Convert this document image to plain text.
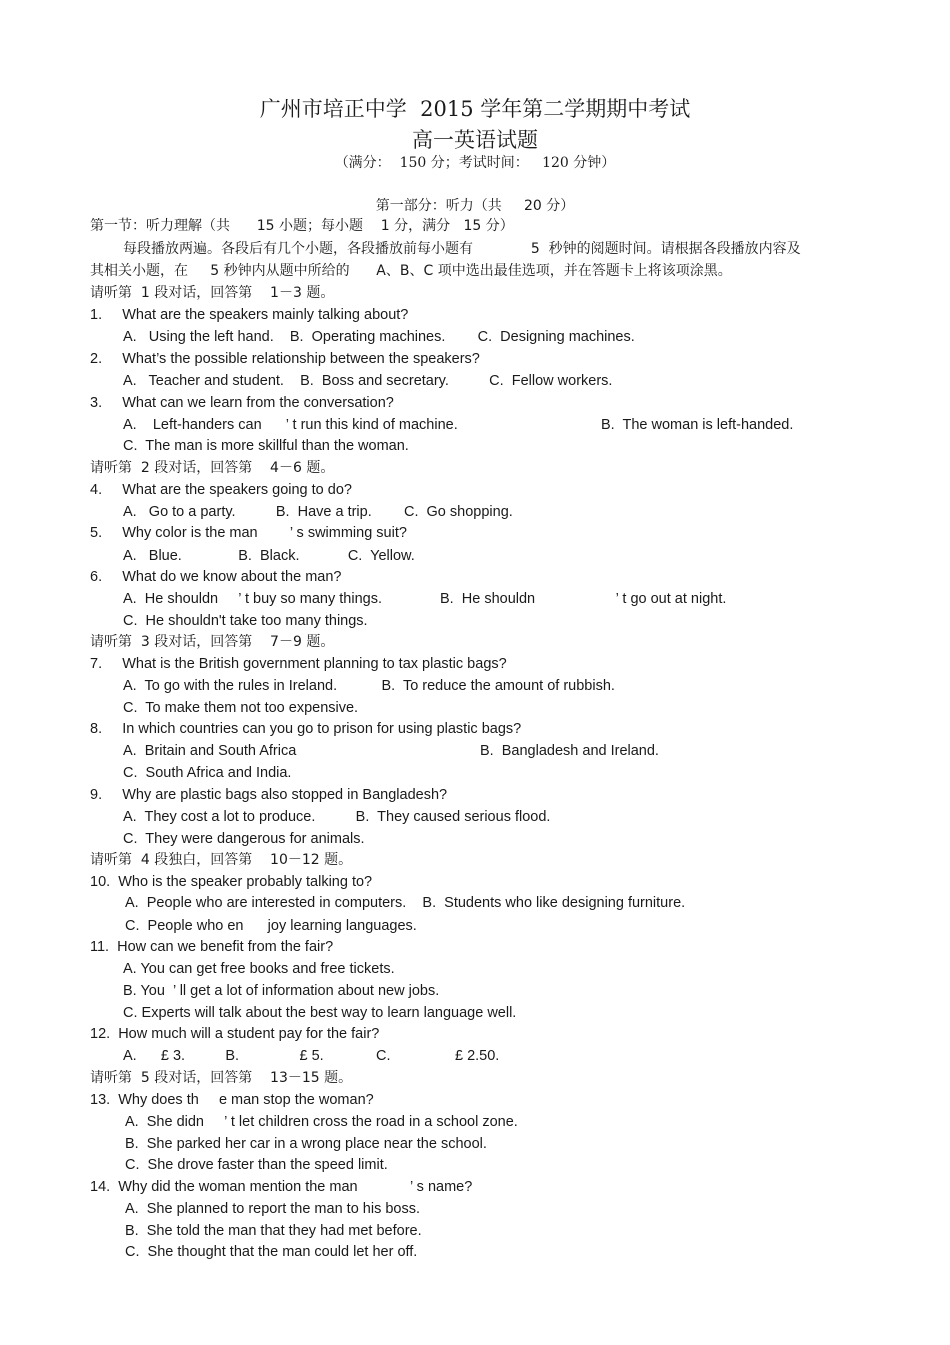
广州市培正中学  2015 学年第二学期期中考试
高一英语试题
（满分：  150 分；考试时间：   120 分钟）
第一部分：听力（共     20 分）
第一节：听力理解（共      15 小题；每小题    1 分，满分   15 分）
每段播放两遍。各段后有几个小题，各段播放前每小题有             5  秒钟的阅题时间。请根据各段播放内容及
其相关小题，在     5 秒钟内从题中所给的      A、B、C 项中选出最佳选项，并在答题卡上将该项涂黑。
请听第  1 段对话，回答第    1－3 题。
1.     What are the speakers mainly talking about?
A.   Using the left hand.    B.  Operating machines.        C.  Designing machines.
2.     What’s the possible relationship between the speakers?
A.   Teacher and student.    B.  Boss and secretary.          C.  Fellow workers.
3.     What can we learn from the conversation?
A.    Left-handers can      ’ t run this kind of machine.	B.  The woman is left-handed.
C.  The man is more skillful than the woman.
请听第  2 段对话，回答第    4－6 题。
4.     What are the speakers going to do?
A.   Go to a party.          B.  Have a trip.        C.  Go shopping.
5.     Why color is the man        ’ s swimming suit?
A.   Blue.              B.  Black.            C.  Yellow.
6.     What do we know about the man?
A.  He shouldn     ’ t buy so many things.	B.  He shouldn                    ’ t go out at night.
C.  He shouldn't take too many things.
请听第  3 段对话，回答第    7－9 题。
7.     What is the British government planning to tax plastic bags?
A.  To go with the rules in Ireland.           B.  To reduce the amount of rubbish.
C.  To make them not too expensive.
8.     In which countries can you go to prison for using plastic bags?
A.  Britain and South Africa	B.  Bangladesh and Ireland.
C.  South Africa and India.
9.     Why are plastic bags also stopped in Bangladesh?
A.  They cost a lot to produce.          B.  They caused serious flood.
C.  They were dangerous for animals.
请听第  4 段独白，回答第    10－12 题。
10.  Who is the speaker probably talking to?
A.  People who are interested in computers.    B.  Students who like designing furniture.
C.  People who en      joy learning languages.
11.  How can we benefit from the fair?
A. You can get free books and free tickets.
B. You  ’ ll get a lot of information about new jobs.
C. Experts will talk about the best way to learn language well.
12.  How much will a student pay for the fair?
A.      £ 3.          B.               £ 5.             C.                £ 2.50.
请听第  5 段对话，回答第    13－15 题。
13.  Why does th     e man stop the woman?
A.  She didn     ’ t let children cross the road in a school zone.
B.  She parked her car in a wrong place near the school.
C.  She drove faster than the speed limit.
14.  Why did the woman mention the man             ’ s name?
A.  She planned to report the man to his boss.
B.  She told the man that they had met before.
C.  She thought that the man could let her off.
